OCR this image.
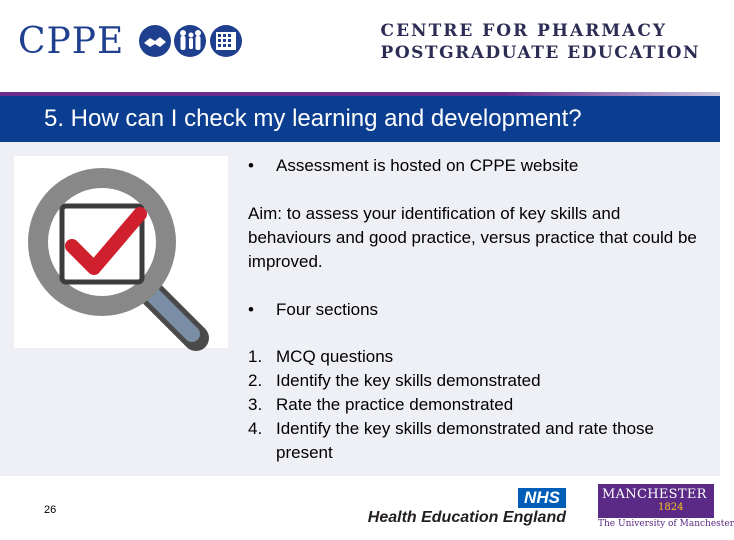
CPPE	CENTRE FOR PHARMACY
POSTGRADUATE EDUCATION
5. How can I check my learning and development?
•	Assessment is hosted on CPPE website
Aim: to assess your identification of key skills and behaviours and good practice, versus practice that could be improved.
•	Four sections
1. MCQ questions
2. Identify the key skills demonstrated
3. Rate the practice demonstrated
4. Identify the key skills demonstrated and rate those present
26
NHS
Health Education England
MANCHESTER
1824
The University of Manchester
